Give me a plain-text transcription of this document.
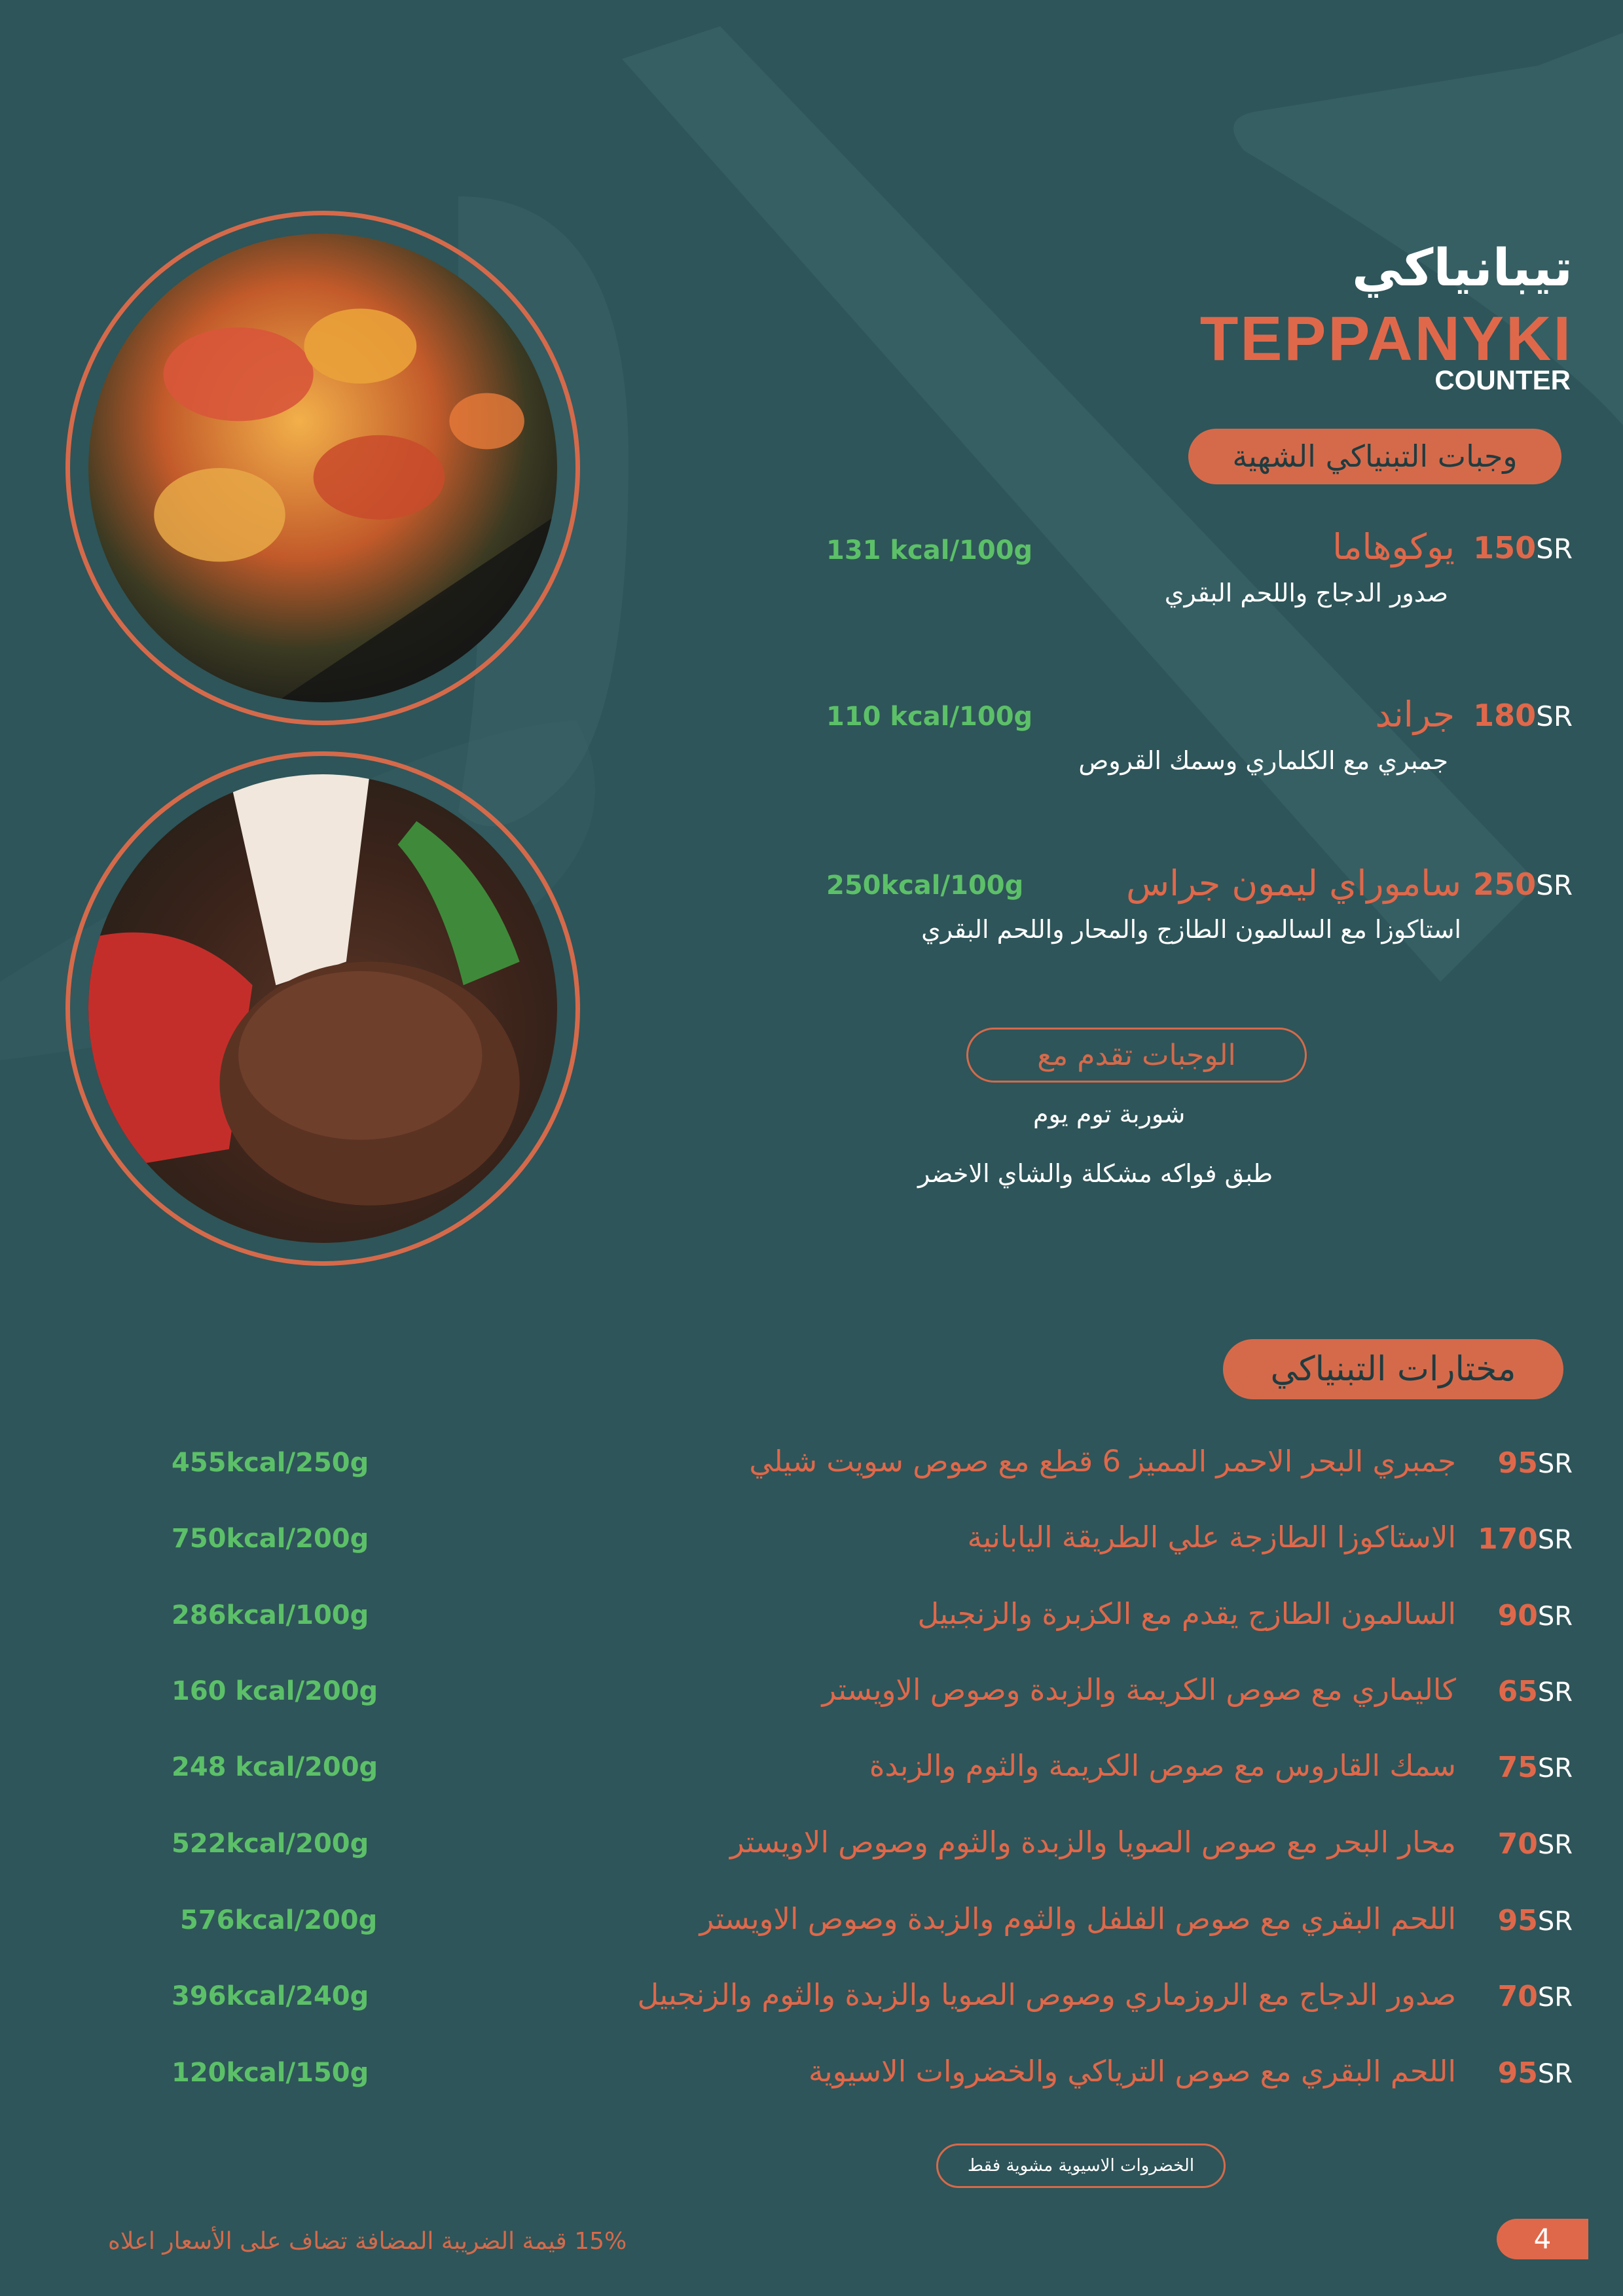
تيبانياكي
TEPPANYKI
COUNTER
وجبات التبنياكي الشهية
150SR
يوكوهاما
صدور الدجاج واللحم البقري
131 kcal/100g
180SR
جراند
جمبري مع الكلماري وسمك القروص
110 kcal/100g
250SR
ساموراي ليمون جراس
استاكوزا مع السالمون الطازج والمحار واللحم البقري
250kcal/100g
الوجبات تقدم مع
شوربة توم يوم
طبق فواكه مشكلة والشاي الاخضر
مختارات التبنياكي
95SR
جمبري البحر الاحمر المميز 6 قطع مع صوص سويت شيلي
455kcal/250g
170SR
الاستاكوزا الطازجة علي الطريقة اليابانية
750kcal/200g
90SR
السالمون الطازج يقدم مع الكزبرة والزنجبيل
286kcal/100g
65SR
كاليماري مع صوص الكريمة والزبدة وصوص الاويستر
160 kcal/200g
75SR
سمك القاروس مع صوص الكريمة والثوم والزبدة
248 kcal/200g
70SR
محار البحر مع صوص الصويا والزبدة والثوم وصوص الاويستر
522kcal/200g
95SR
اللحم البقري مع صوص الفلفل والثوم والزبدة وصوص الاويستر
576kcal/200g
70SR
صدور الدجاج مع الروزماري وصوص الصويا والزبدة والثوم والزنجبيل
396kcal/240g
95SR
اللحم البقري مع صوص الترياكي والخضروات الاسيوية
120kcal/150g
الخضروات الاسيوية مشوية فقط
15% قيمة الضريبة المضافة تضاف على الأسعار اعلاه	4
